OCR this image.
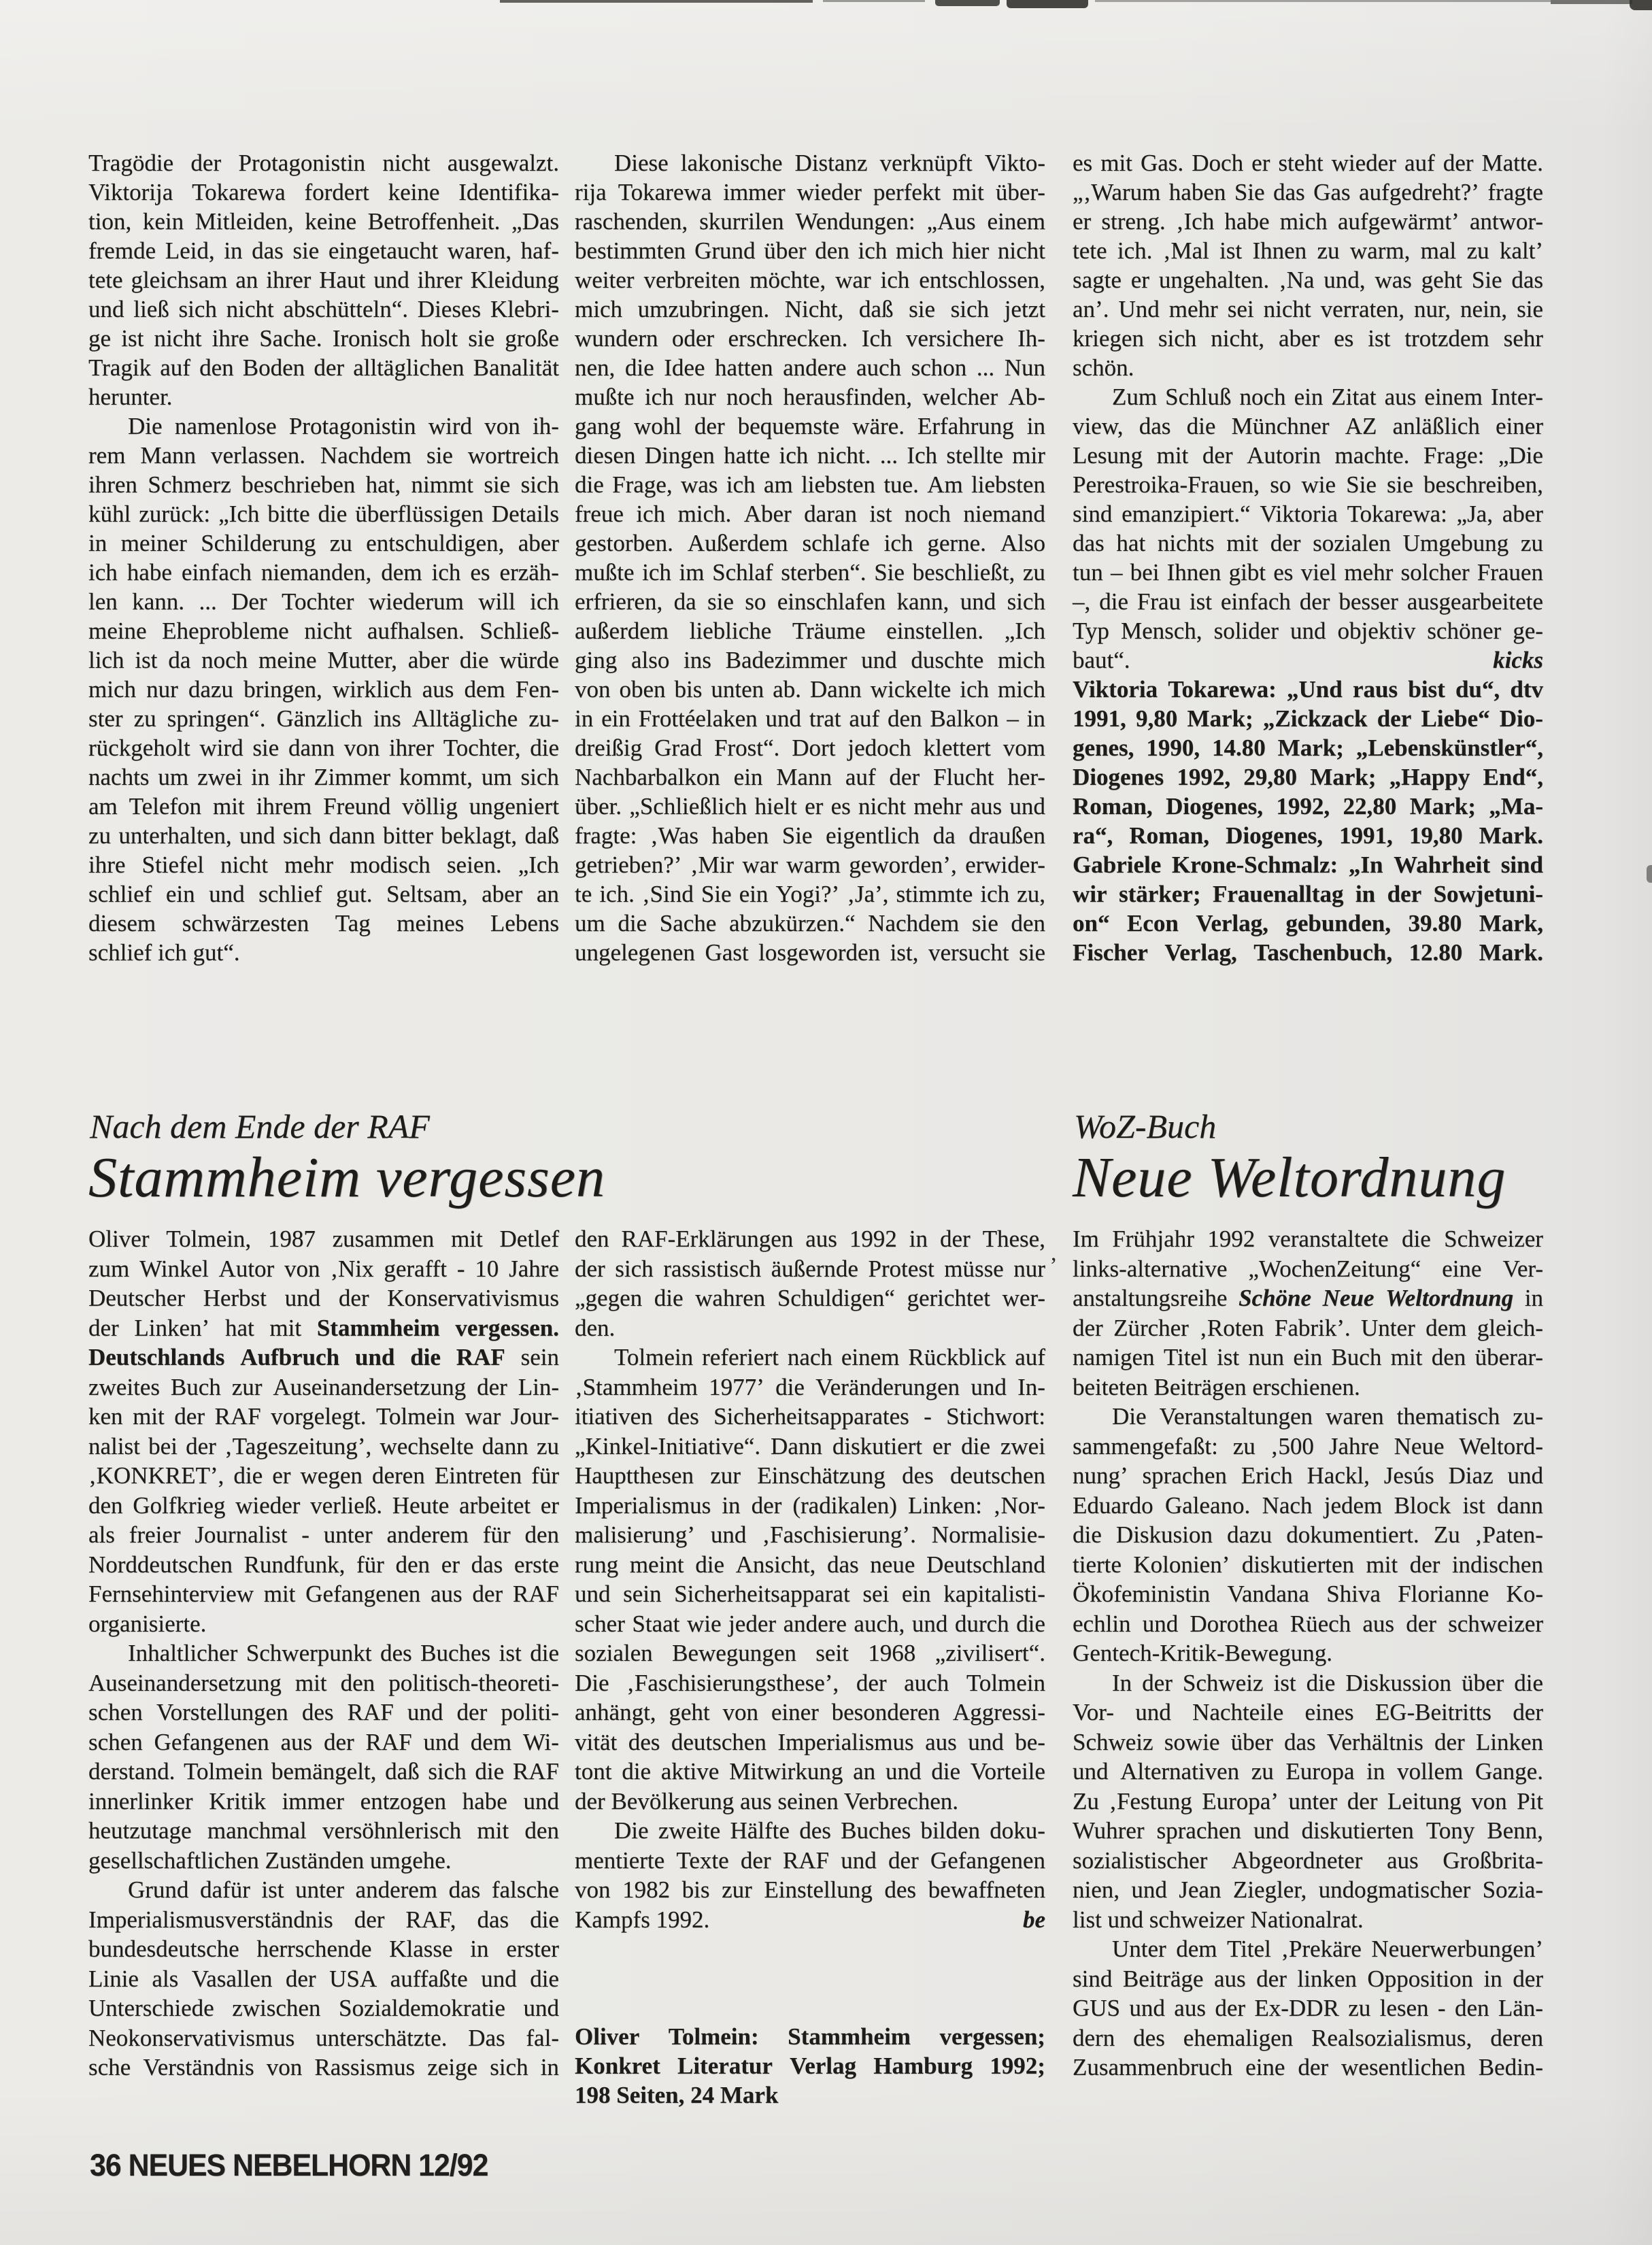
,
Nach dem Ende der RAF
Stammheim vergessen
WoZ-Buch
Neue Weltordnung
36 NEUES NEBELHORN 12/92
Tragödie der Protagonistin nicht ausgewalzt.
Viktorija Tokarewa fordert keine Identifika-
tion, kein Mitleiden, keine Betroffenheit. „Das
fremde Leid, in das sie eingetaucht waren, haf-
tete gleichsam an ihrer Haut und ihrer Kleidung
und ließ sich nicht abschütteln“. Dieses Klebri-
ge ist nicht ihre Sache. Ironisch holt sie große
Tragik auf den Boden der alltäglichen Banalität
herunter.
Die namenlose Protagonistin wird von ih-
rem Mann verlassen. Nachdem sie wortreich
ihren Schmerz beschrieben hat, nimmt sie sich
kühl zurück: „Ich bitte die überflüssigen Details
in meiner Schilderung zu entschuldigen, aber
ich habe einfach niemanden, dem ich es erzäh-
len kann. ... Der Tochter wiederum will ich
meine Eheprobleme nicht aufhalsen. Schließ-
lich ist da noch meine Mutter, aber die würde
mich nur dazu bringen, wirklich aus dem Fen-
ster zu springen“. Gänzlich ins Alltägliche zu-
rückgeholt wird sie dann von ihrer Tochter, die
nachts um zwei in ihr Zimmer kommt, um sich
am Telefon mit ihrem Freund völlig ungeniert
zu unterhalten, und sich dann bitter beklagt, daß
ihre Stiefel nicht mehr modisch seien. „Ich
schlief ein und schlief gut. Seltsam, aber an
diesem schwärzesten Tag meines Lebens
schlief ich gut“.
Diese lakonische Distanz verknüpft Vikto-
rija Tokarewa immer wieder perfekt mit über-
raschenden, skurrilen Wendungen: „Aus einem
bestimmten Grund über den ich mich hier nicht
weiter verbreiten möchte, war ich entschlossen,
mich umzubringen. Nicht, daß sie sich jetzt
wundern oder erschrecken. Ich versichere Ih-
nen, die Idee hatten andere auch schon ... Nun
mußte ich nur noch herausfinden, welcher Ab-
gang wohl der bequemste wäre. Erfahrung in
diesen Dingen hatte ich nicht. ... Ich stellte mir
die Frage, was ich am liebsten tue. Am liebsten
freue ich mich. Aber daran ist noch niemand
gestorben. Außerdem schlafe ich gerne. Also
mußte ich im Schlaf sterben“. Sie beschließt, zu
erfrieren, da sie so einschlafen kann, und sich
außerdem liebliche Träume einstellen. „Ich
ging also ins Badezimmer und duschte mich
von oben bis unten ab. Dann wickelte ich mich
in ein Frottéelaken und trat auf den Balkon – in
dreißig Grad Frost“. Dort jedoch klettert vom
Nachbarbalkon ein Mann auf der Flucht her-
über. „Schließlich hielt er es nicht mehr aus und
fragte: ‚Was haben Sie eigentlich da draußen
getrieben?’ ‚Mir war warm geworden’, erwider-
te ich. ‚Sind Sie ein Yogi?’ ‚Ja’, stimmte ich zu,
um die Sache abzukürzen.“ Nachdem sie den
ungelegenen Gast losgeworden ist, versucht sie
es mit Gas. Doch er steht wieder auf der Matte.
„‚Warum haben Sie das Gas aufgedreht?’ fragte
er streng. ‚Ich habe mich aufgewärmt’ antwor-
tete ich. ‚Mal ist Ihnen zu warm, mal zu kalt’
sagte er ungehalten. ‚Na und, was geht Sie das
an’. Und mehr sei nicht verraten, nur, nein, sie
kriegen sich nicht, aber es ist trotzdem sehr
schön.
Zum Schluß noch ein Zitat aus einem Inter-
view, das die Münchner AZ anläßlich einer
Lesung mit der Autorin machte. Frage: „Die
Perestroika-Frauen, so wie Sie sie beschreiben,
sind emanzipiert.“ Viktoria Tokarewa: „Ja, aber
das hat nichts mit der sozialen Umgebung zu
tun – bei Ihnen gibt es viel mehr solcher Frauen
–, die Frau ist einfach der besser ausgearbeitete
Typ Mensch, solider und objektiv schöner ge-
baut“.	kicks
Viktoria Tokarewa: „Und raus bist du“, dtv
1991, 9,80 Mark; „Zickzack der Liebe“ Dio-
genes, 1990, 14.80 Mark; „Lebenskünstler“,
Diogenes 1992, 29,80 Mark; „Happy End“,
Roman, Diogenes, 1992, 22,80 Mark; „Ma-
ra“, Roman, Diogenes, 1991, 19,80 Mark.
Gabriele Krone-Schmalz: „In Wahrheit sind
wir stärker; Frauenalltag in der Sowjetuni-
on“ Econ Verlag, gebunden, 39.80 Mark,
Fischer Verlag, Taschenbuch, 12.80 Mark.
Oliver Tolmein, 1987 zusammen mit Detlef
zum Winkel Autor von ‚Nix gerafft - 10 Jahre
Deutscher Herbst und der Konservativismus
der Linken’ hat mit Stammheim vergessen.
Deutschlands Aufbruch und die RAF sein
zweites Buch zur Auseinandersetzung der Lin-
ken mit der RAF vorgelegt. Tolmein war Jour-
nalist bei der ‚Tageszeitung’, wechselte dann zu
‚KONKRET’, die er wegen deren Eintreten für
den Golfkrieg wieder verließ. Heute arbeitet er
als freier Journalist - unter anderem für den
Norddeutschen Rundfunk, für den er das erste
Fernsehinterview mit Gefangenen aus der RAF
organisierte.
Inhaltlicher Schwerpunkt des Buches ist die
Auseinandersetzung mit den politisch-theoreti-
schen Vorstellungen des RAF und der politi-
schen Gefangenen aus der RAF und dem Wi-
derstand. Tolmein bemängelt, daß sich die RAF
innerlinker Kritik immer entzogen habe und
heutzutage manchmal versöhnlerisch mit den
gesellschaftlichen Zuständen umgehe.
Grund dafür ist unter anderem das falsche
Imperialismusverständnis der RAF, das die
bundesdeutsche herrschende Klasse in erster
Linie als Vasallen der USA auffaßte und die
Unterschiede zwischen Sozialdemokratie und
Neokonservativismus unterschätzte. Das fal-
sche Verständnis von Rassismus zeige sich in
den RAF-Erklärungen aus 1992 in der These,
der sich rassistisch äußernde Protest müsse nur
„gegen die wahren Schuldigen“ gerichtet wer-
den.
Tolmein referiert nach einem Rückblick auf
‚Stammheim 1977’ die Veränderungen und In-
itiativen des Sicherheitsapparates - Stichwort:
„Kinkel-Initiative“. Dann diskutiert er die zwei
Hauptthesen zur Einschätzung des deutschen
Imperialismus in der (radikalen) Linken: ‚Nor-
malisierung’ und ‚Faschisierung’. Normalisie-
rung meint die Ansicht, das neue Deutschland
und sein Sicherheitsapparat sei ein kapitalisti-
scher Staat wie jeder andere auch, und durch die
sozialen Bewegungen seit 1968 „zivilisert“.
Die ‚Faschisierungsthese’, der auch Tolmein
anhängt, geht von einer besonderen Aggressi-
vität des deutschen Imperialismus aus und be-
tont die aktive Mitwirkung an und die Vorteile
der Bevölkerung aus seinen Verbrechen.
Die zweite Hälfte des Buches bilden doku-
mentierte Texte der RAF und der Gefangenen
von 1982 bis zur Einstellung des bewaffneten
Kampfs 1992.	be
Oliver Tolmein: Stammheim vergessen;
Konkret Literatur Verlag Hamburg 1992;
198 Seiten, 24 Mark
Im Frühjahr 1992 veranstaltete die Schweizer
links-alternative „WochenZeitung“ eine Ver-
anstaltungsreihe Schöne Neue Weltordnung in
der Zürcher ‚Roten Fabrik’. Unter dem gleich-
namigen Titel ist nun ein Buch mit den überar-
beiteten Beiträgen erschienen.
Die Veranstaltungen waren thematisch zu-
sammengefaßt: zu ‚500 Jahre Neue Weltord-
nung’ sprachen Erich Hackl, Jesús Diaz und
Eduardo Galeano. Nach jedem Block ist dann
die Diskusion dazu dokumentiert. Zu ‚Paten-
tierte Kolonien’ diskutierten mit der indischen
Ökofeministin Vandana Shiva Florianne Ko-
echlin und Dorothea Rüech aus der schweizer
Gentech-Kritik-Bewegung.
In der Schweiz ist die Diskussion über die
Vor- und Nachteile eines EG-Beitritts der
Schweiz sowie über das Verhältnis der Linken
und Alternativen zu Europa in vollem Gange.
Zu ‚Festung Europa’ unter der Leitung von Pit
Wuhrer sprachen und diskutierten Tony Benn,
sozialistischer Abgeordneter aus Großbrita-
nien, und Jean Ziegler, undogmatischer Sozia-
list und schweizer Nationalrat.
Unter dem Titel ‚Prekäre Neuerwerbungen’
sind Beiträge aus der linken Opposition in der
GUS und aus der Ex-DDR zu lesen - den Län-
dern des ehemaligen Realsozialismus, deren
Zusammenbruch eine der wesentlichen Bedin-
